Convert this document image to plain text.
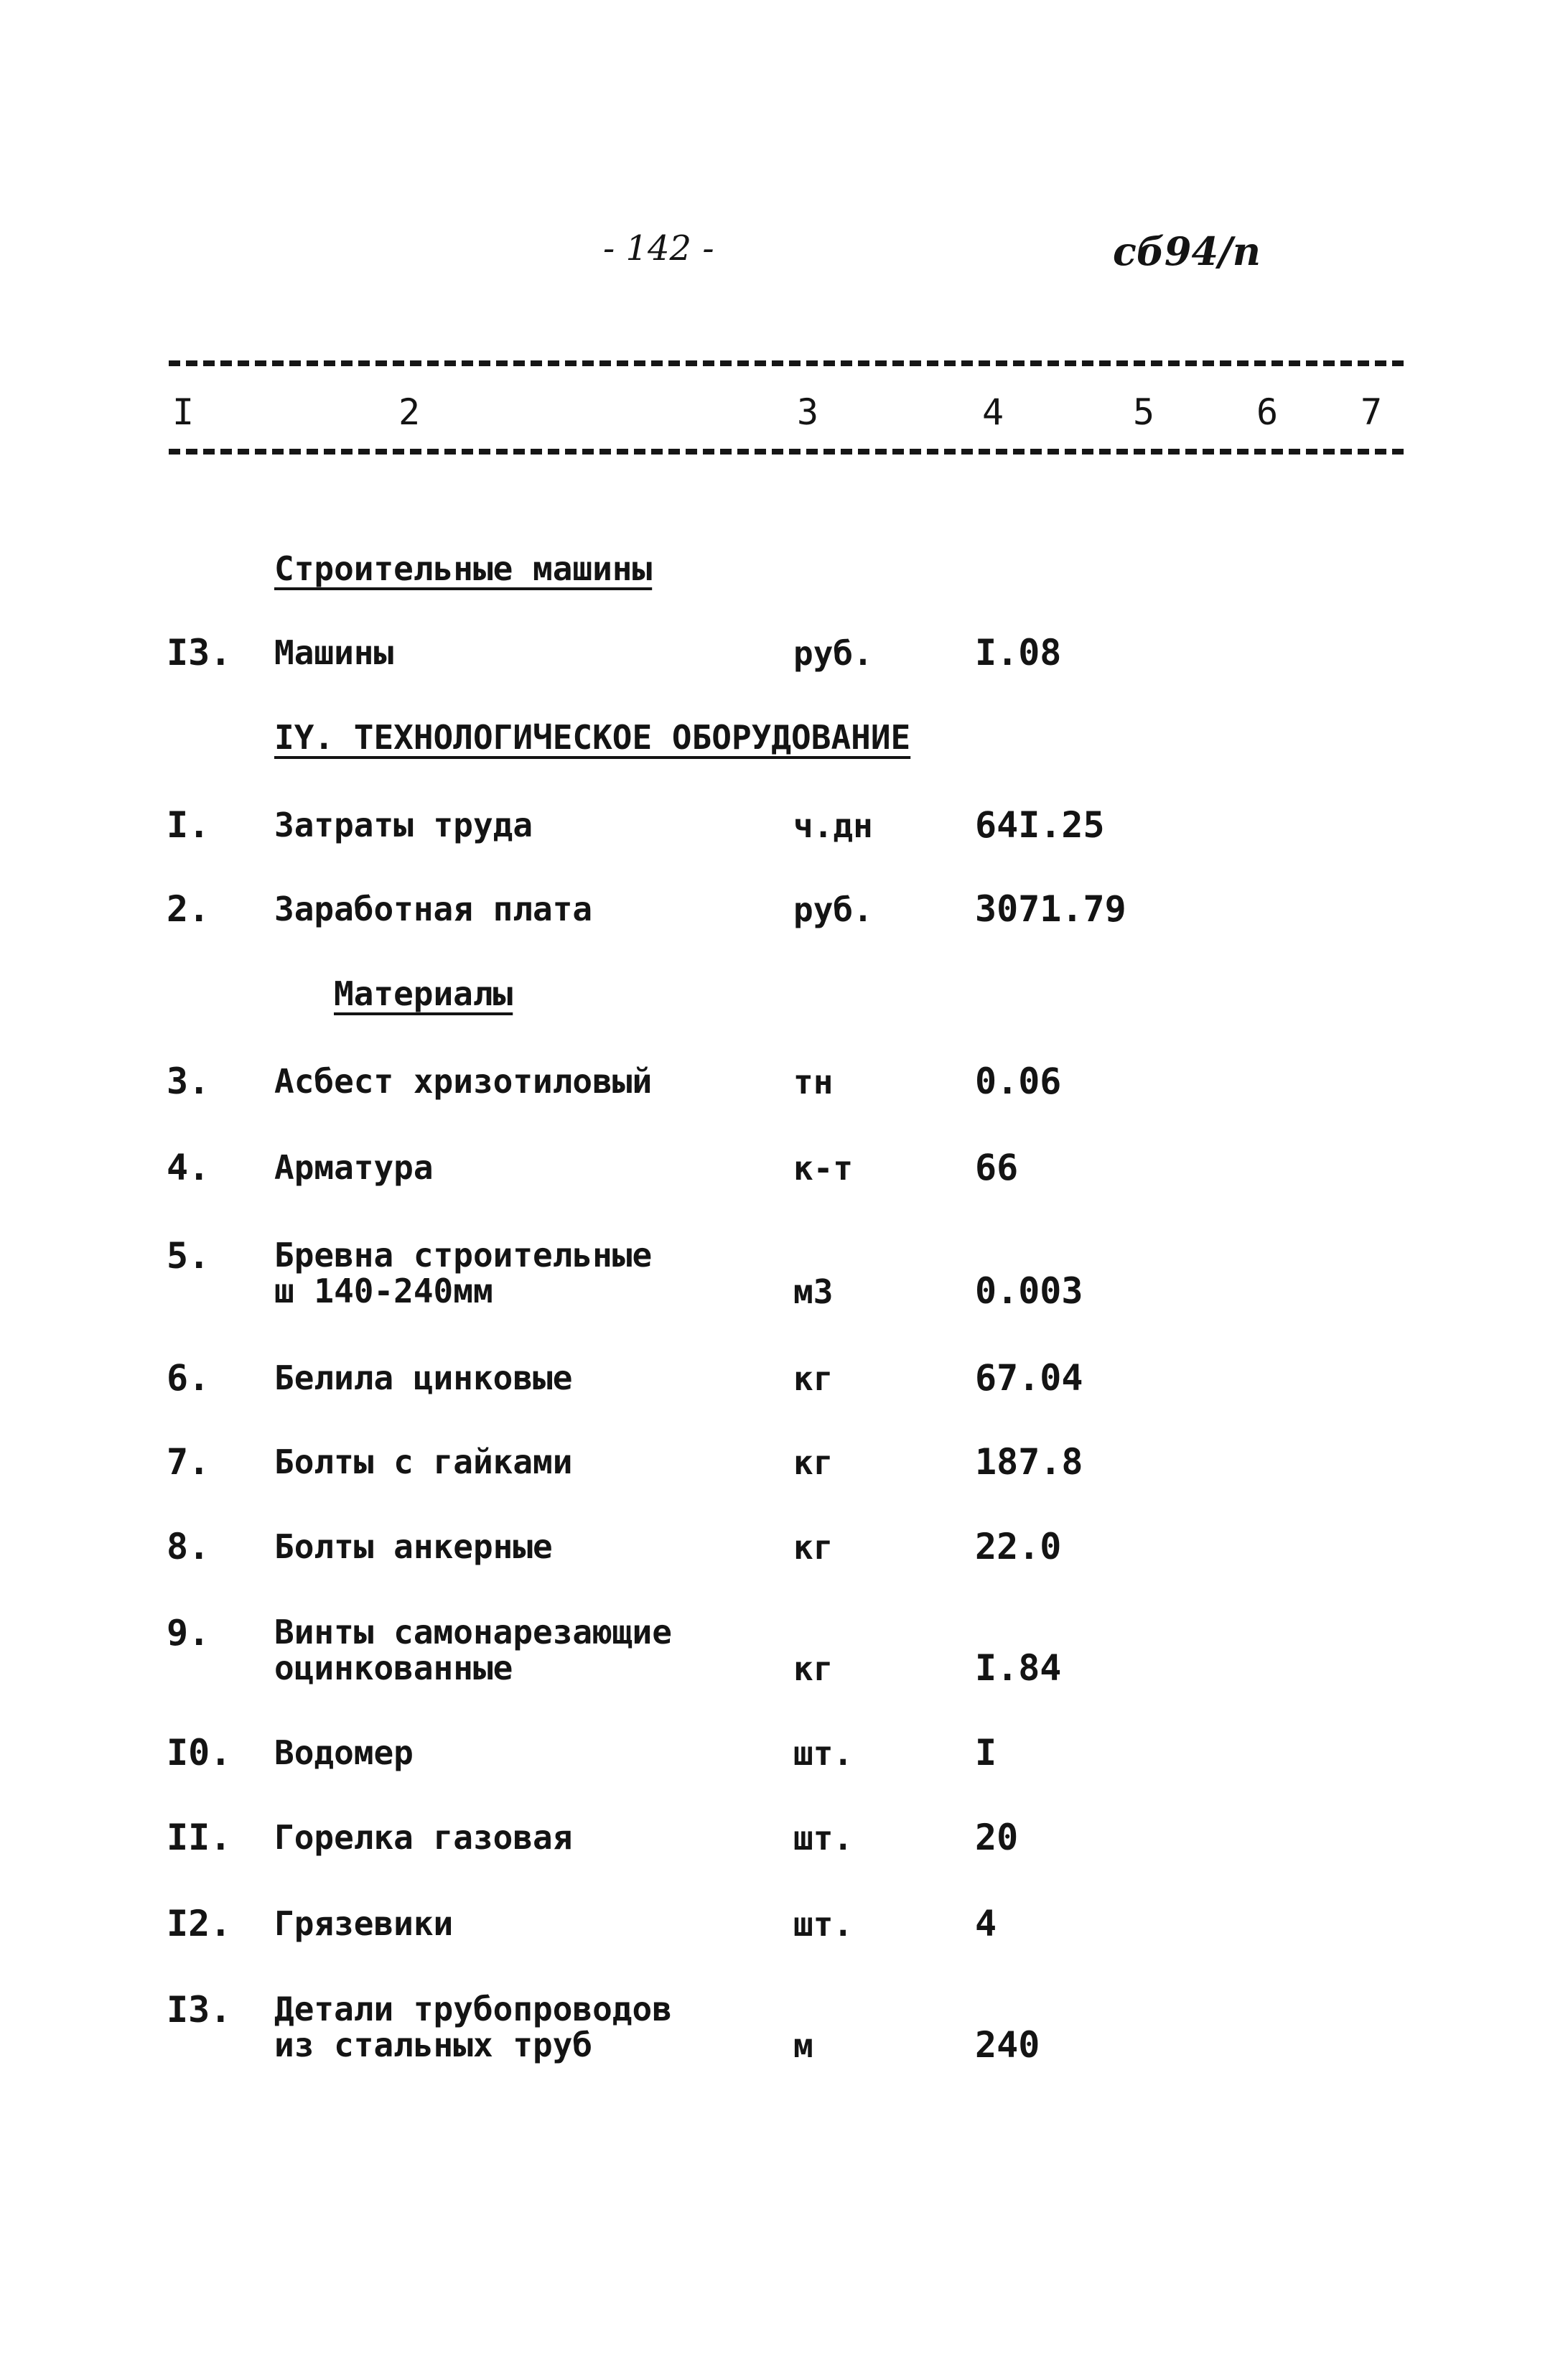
- 142 -	сб94/п
I	2	3	4	5	6 7
Строительные машины
I3. Машины	руб.	I.08
IY. ТЕХНОЛОГИЧЕСКОЕ ОБОРУДОВАНИЕ
I. Затраты труда	ч.дн	64I.25
2. Заработная плата	руб.	3071.79
Материалы
3. Асбест хризотиловый	тн	0.06
4. Арматура	к-т	66
5. Бревна строительные
ш 140-240мм	м3	0.003
6. Белила цинковые	кг	67.04
7. Болты с гайками	кг	187.8
8. Болты анкерные	кг	22.0
9. Винты самонарезающие
оцинкованные	кг	I.84
I0. Водомер	шт.	I
II. Горелка газовая	шт.	20
I2. Грязевики	шт.	4
I3. Детали трубопроводов
из стальных труб	м	240
